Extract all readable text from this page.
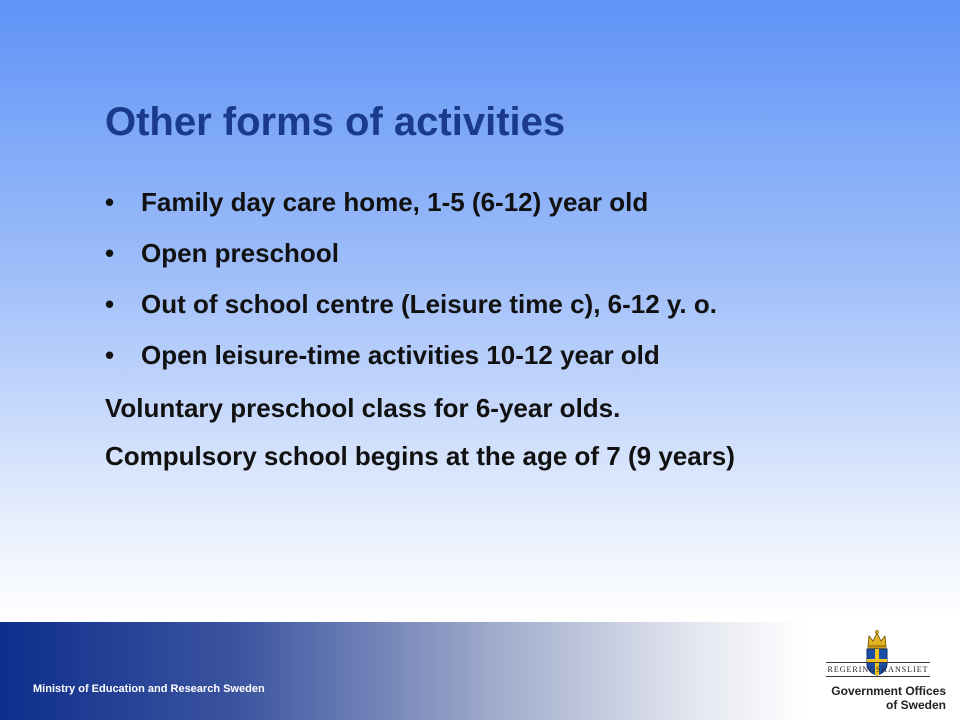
Other forms of activities
• Family day care home, 1-5 (6-12) year old
• Open preschool
• Out of school centre (Leisure time c), 6-12 y. o.
• Open leisure-time activities 10-12 year old
Voluntary preschool class for 6-year olds.
Compulsory school begins at the age of 7 (9 years)
Ministry of Education and Research Sweden
REGERINGSKANSLIET
Government Offices
of Sweden
